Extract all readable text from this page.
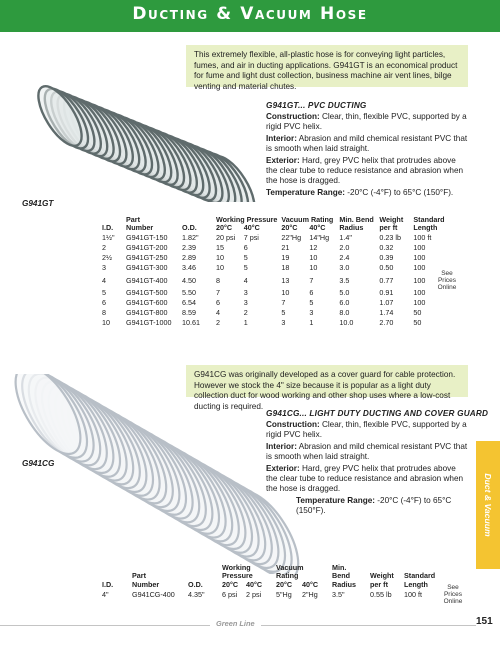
Ducting & Vacuum Hose
This extremely flexible, all-plastic hose is for conveying light particles, fumes, and air in ducting applications. G941GT is an economical product for fume and light dust collection, business machine air vent lines, bilge venting and material chutes.
G941GT
G941GT... PVC DUCTING

Construction: Clear, thin, flexible PVC, supported by a rigid PVC helix.

Interior: Abrasion and mild chemical resistant PVC that is smooth when laid straight.

Exterior: Hard, grey PVC helix that protrudes above the clear tube to reduce resistance and abrasion when the hose is dragged.

Temperature Range: -20°C (-4°F) to 65°C (150°F).

	Part		Working Pressure		Vacuum Rating		Min. Bend	Weight	Standard
I.D.	Number	O.D.	20°C	40°C	20°C	40°C	Radius	per ft	Length
1½"	G941GT-150	1.82"	20 psi	7 psi	22"Hg	14"Hg	1.4"	0.23 lb	100 ft
2	G941GT-200	2.39	15	6	21	12	2.0	0.32	100
2½	G941GT-250	2.89	10	5	19	10	2.4	0.39	100
3	G941GT-300	3.46	10	5	18	10	3.0	0.50	100
4	G941GT-400	4.50	8	4	13	7	3.5	0.77	100
5	G941GT-500	5.50	7	3	10	6	5.0	0.91	100
6	G941GT-600	6.54	6	3	7	5	6.0	1.07	100
8	G941GT-800	8.59	4	2	5	3	8.0	1.74	50
10	G941GT-1000	10.61	2	1	3	1	10.0	2.70	50
See
Prices
Online
G941CG was originally developed as a cover guard for cable protection. However we stock the 4" size because it is popular as a light duty collection duct for wood working and other shop uses where a low-cost ducting is required.
G941CG
G941CG... LIGHT DUTY DUCTING AND COVER GUARD

Construction: Clear, thin, flexible PVC, supported by a rigid PVC helix.

Interior: Abrasion and mild chemical resistant PVC that is smooth when laid straight.

Exterior: Hard, grey PVC helix that protrudes above the clear tube to reduce resistance and abrasion when the hose is dragged.

Temperature Range: -20°C (-4°F) to 65°C (150°F).

			Working		Vacuum		Min.		
	Part		Pressure		Rating		Bend	Weight	Standard
I.D.	Number	O.D.	20°C	40°C	20°C	40°C	Radius	per ft	Length
4"	G941CG-400	4.35"	6 psi	2 psi	5"Hg	2"Hg	3.5"	0.55 lb	100 ft
See
Prices
Online
Duct & Vacuum
Green Line	151
